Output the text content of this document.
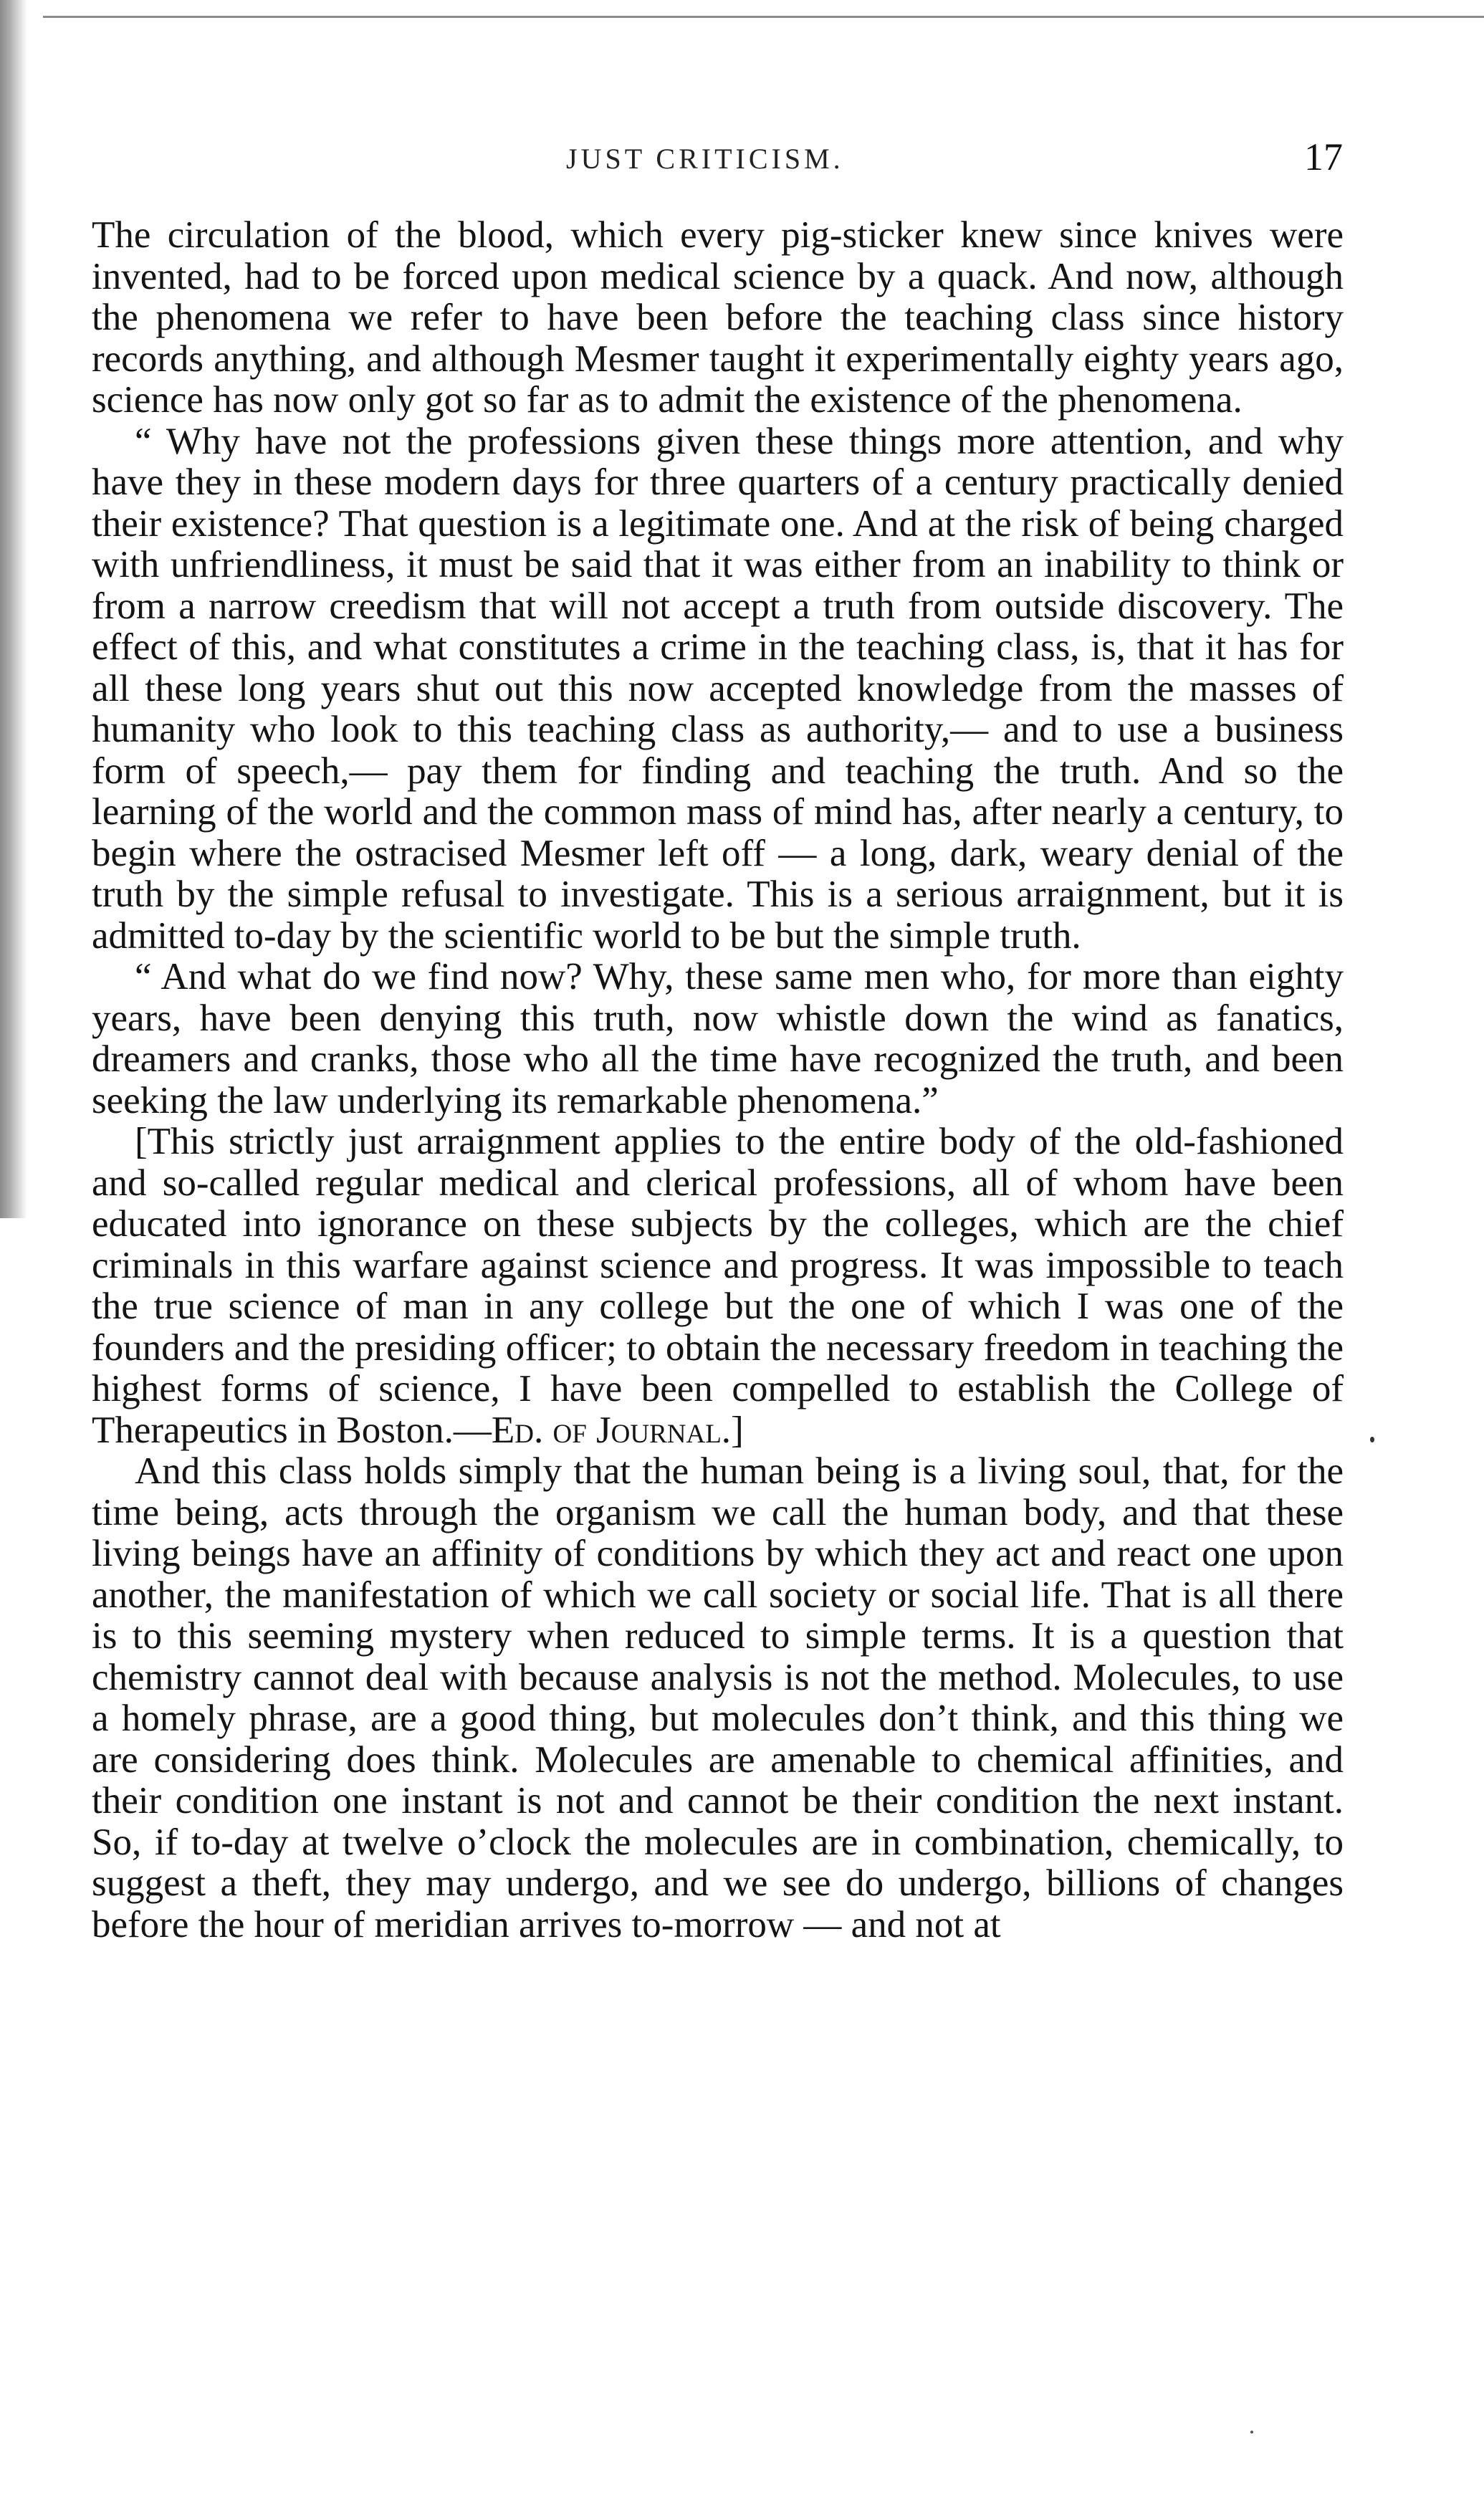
JUST CRITICISM.	17

The circulation of the blood, which every pig-sticker knew since knives were invented, had to be forced upon medical science by a quack. And now, although the phenomena we refer to have been before the teaching class since history records anything, and although Mesmer taught it experimentally eighty years ago, science has now only got so far as to admit the existence of the phenomena.

“ Why have not the professions given these things more attention, and why have they in these modern days for three quarters of a century practically denied their existence? That question is a legitimate one. And at the risk of being charged with unfriendliness, it must be said that it was either from an inability to think or from a narrow creedism that will not accept a truth from outside discovery. The effect of this, and what constitutes a crime in the teaching class, is, that it has for all these long years shut out this now accepted knowledge from the masses of humanity who look to this teaching class as authority,— and to use a business form of speech,— pay them for finding and teaching the truth. And so the learning of the world and the common mass of mind has, after nearly a century, to begin where the ostracised Mesmer left off — a long, dark, weary denial of the truth by the simple refusal to investigate. This is a serious arraignment, but it is admitted to-day by the scientific world to be but the simple truth.

“ And what do we find now? Why, these same men who, for more than eighty years, have been denying this truth, now whistle down the wind as fanatics, dreamers and cranks, those who all the time have recognized the truth, and been seeking the law underlying its remarkable phenomena.”

[This strictly just arraignment applies to the entire body of the old-fashioned and so-called regular medical and clerical professions, all of whom have been educated into ignorance on these subjects by the colleges, which are the chief criminals in this warfare against science and progress. It was impossible to teach the true science of man in any college but the one of which I was one of the founders and the presiding officer; to obtain the necessary freedom in teaching the highest forms of science, I have been compelled to establish the College of Therapeutics in Boston.—Ed. of Journal.]

And this class holds simply that the human being is a living soul, that, for the time being, acts through the organism we call the human body, and that these living beings have an affinity of conditions by which they act and react one upon another, the manifestation of which we call society or social life. That is all there is to this seeming mystery when reduced to simple terms. It is a question that chemistry cannot deal with because analysis is not the method. Molecules, to use a homely phrase, are a good thing, but molecules don’t think, and this thing we are considering does think. Molecules are amenable to chemical affinities, and their condition one instant is not and cannot be their condition the next instant. So, if to-day at twelve o’clock the molecules are in combination, chemically, to suggest a theft, they may undergo, and we see do undergo, billions of changes before the hour of meridian arrives to-morrow — and not at
